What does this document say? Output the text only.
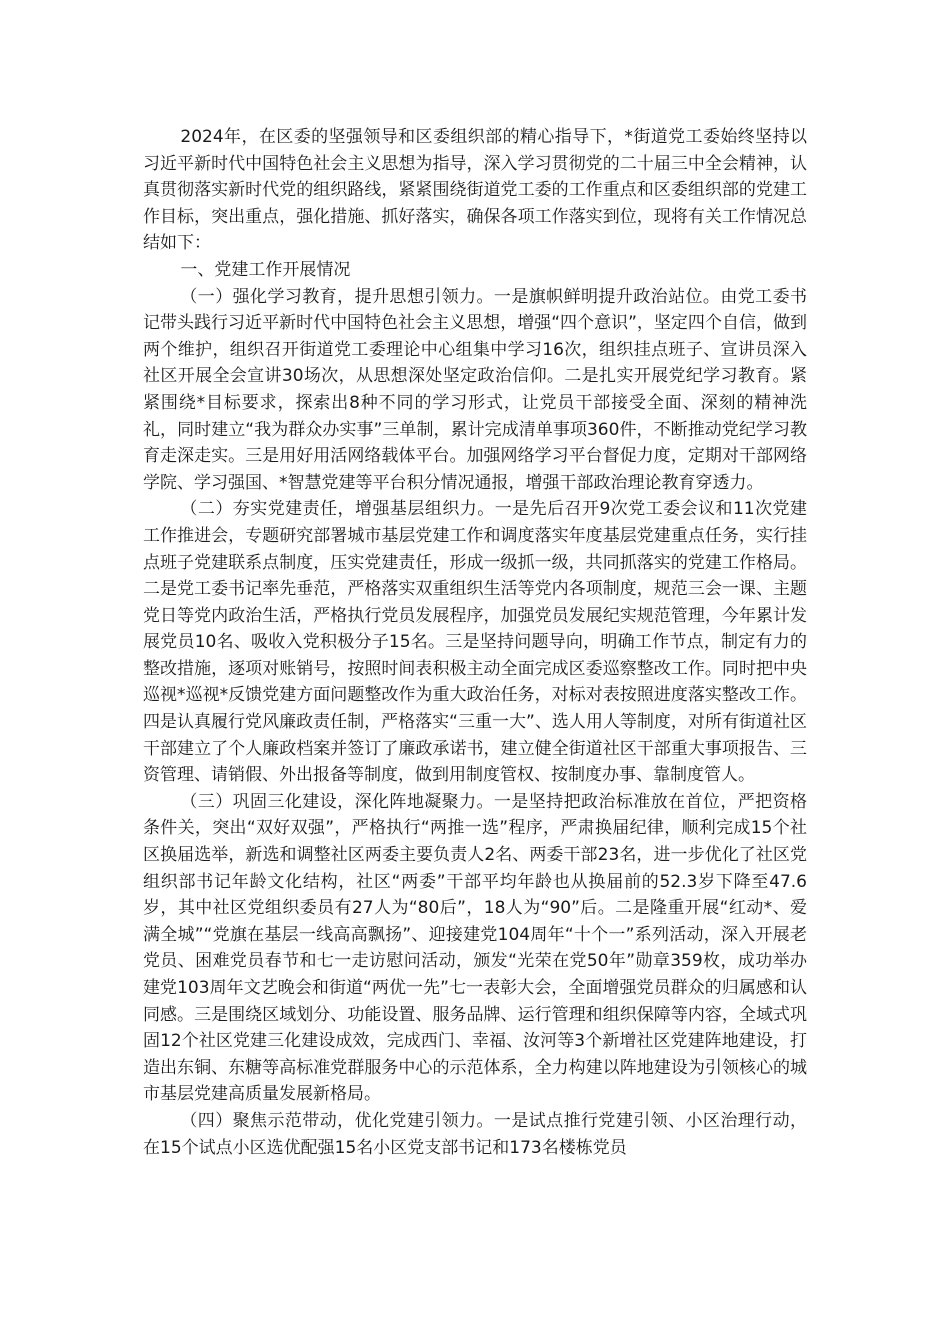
2024年，在区委的坚强领导和区委组织部的精心指导下，*街道党工委始终坚持以习近平新时代中国特色社会主义思想为指导，深入学习贯彻党的二十届三中全会精神，认真贯彻落实新时代党的组织路线，紧紧围绕街道党工委的工作重点和区委组织部的党建工作目标，突出重点，强化措施、抓好落实，确保各项工作落实到位，现将有关工作情况总结如下：

一、党建工作开展情况

（一）强化学习教育，提升思想引领力。一是旗帜鲜明提升政治站位。由党工委书记带头践行习近平新时代中国特色社会主义思想，增强“四个意识”，坚定四个自信，做到两个维护，组织召开街道党工委理论中心组集中学习16次，组织挂点班子、宣讲员深入社区开展全会宣讲30场次，从思想深处坚定政治信仰。二是扎实开展党纪学习教育。紧紧围绕*目标要求，探索出8种不同的学习形式，让党员干部接受全面、深刻的精神洗礼，同时建立“我为群众办实事”三单制，累计完成清单事项360件，不断推动党纪学习教育走深走实。三是用好用活网络载体平台。加强网络学习平台督促力度，定期对干部网络学院、学习强国、*智慧党建等平台积分情况通报，增强干部政治理论教育穿透力。

（二）夯实党建责任，增强基层组织力。一是先后召开9次党工委会议和11次党建工作推进会，专题研究部署城市基层党建工作和调度落实年度基层党建重点任务，实行挂点班子党建联系点制度，压实党建责任，形成一级抓一级，共同抓落实的党建工作格局。二是党工委书记率先垂范，严格落实双重组织生活等党内各项制度，规范三会一课、主题党日等党内政治生活，严格执行党员发展程序，加强党员发展纪实规范管理，今年累计发展党员10名、吸收入党积极分子15名。三是坚持问题导向，明确工作节点，制定有力的整改措施，逐项对账销号，按照时间表积极主动全面完成区委巡察整改工作。同时把中央巡视*巡视*反馈党建方面问题整改作为重大政治任务，对标对表按照进度落实整改工作。四是认真履行党风廉政责任制，严格落实“三重一大”、选人用人等制度，对所有街道社区干部建立了个人廉政档案并签订了廉政承诺书，建立健全街道社区干部重大事项报告、三资管理、请销假、外出报备等制度，做到用制度管权、按制度办事、靠制度管人。

（三）巩固三化建设，深化阵地凝聚力。一是坚持把政治标准放在首位，严把资格条件关，突出“双好双强”，严格执行“两推一选”程序，严肃换届纪律，顺利完成15个社区换届选举，新选和调整社区两委主要负责人2名、两委干部23名，进一步优化了社区党组织部书记年龄文化结构，社区“两委”干部平均年龄也从换届前的52.3岁下降至47.6岁，其中社区党组织委员有27人为“80后”，18人为“90”后。二是隆重开展“红动*、爱满全城”“党旗在基层一线高高飘扬”、迎接建党104周年“十个一”系列活动，深入开展老党员、困难党员春节和七一走访慰问活动，颁发“光荣在党50年”勋章359枚，成功举办建党103周年文艺晚会和街道“两优一先”七一表彰大会，全面增强党员群众的归属感和认同感。三是围绕区域划分、功能设置、服务品牌、运行管理和组织保障等内容，全域式巩固12个社区党建三化建设成效，完成西门、幸福、汝河等3个新增社区党建阵地建设，打造出东铜、东糖等高标准党群服务中心的示范体系，全力构建以阵地建设为引领核心的城市基层党建高质量发展新格局。

（四）聚焦示范带动，优化党建引领力。一是试点推行党建引领、小区治理行动，在15个试点小区选优配强15名小区党支部书记和173名楼栋党员
